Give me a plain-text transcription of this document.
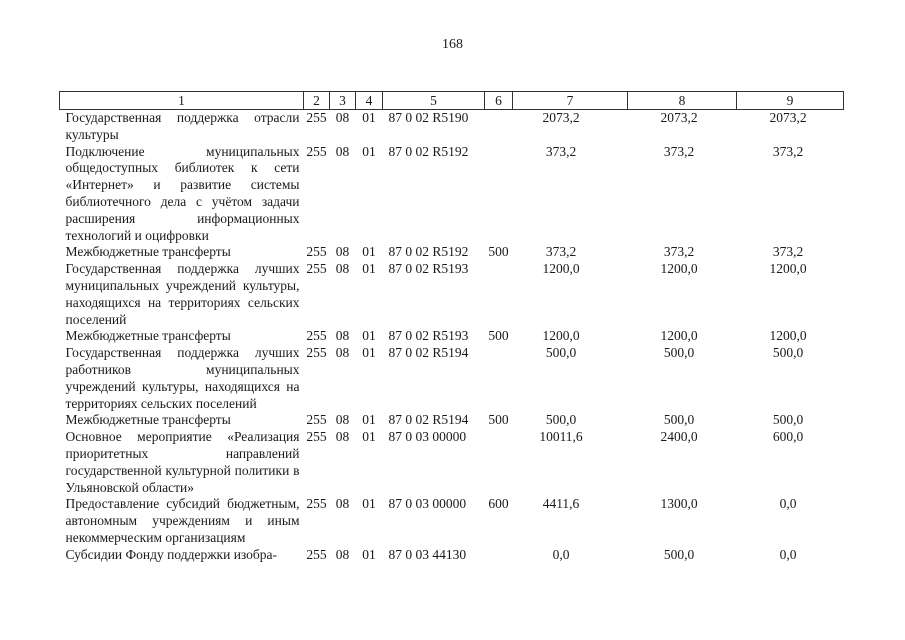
168
1	2	3	4	5	6	7	8	9
Государственная поддержка отрасли культуры	255	08	01	87 0 02 R5190		2073,2	2073,2	2073,2
Подключение муниципальных общедоступных библиотек к сети «Интернет» и развитие системы библиотечного дела с учётом задачи расширения информационных технологий и оцифровки	255	08	01	87 0 02 R5192		373,2	373,2	373,2
Межбюджетные трансферты	255	08	01	87 0 02 R5192	500	373,2	373,2	373,2
Государственная поддержка лучших муниципальных учреждений культуры, находящихся на территориях сельских поселений	255	08	01	87 0 02 R5193		1200,0	1200,0	1200,0
Межбюджетные трансферты	255	08	01	87 0 02 R5193	500	1200,0	1200,0	1200,0
Государственная поддержка лучших работников муниципальных учреждений культуры, находящихся на территориях сельских поселений	255	08	01	87 0 02 R5194		500,0	500,0	500,0
Межбюджетные трансферты	255	08	01	87 0 02 R5194	500	500,0	500,0	500,0
Основное мероприятие «Реализация приоритетных направлений государственной культурной политики в Ульяновской области»	255	08	01	87 0 03 00000		10011,6	2400,0	600,0
Предоставление субсидий бюджетным, автономным учреждениям и иным некоммерческим организациям	255	08	01	87 0 03 00000	600	4411,6	1300,0	0,0
Субсидии Фонду поддержки изобра-	255	08	01	87 0 03 44130		0,0	500,0	0,0
